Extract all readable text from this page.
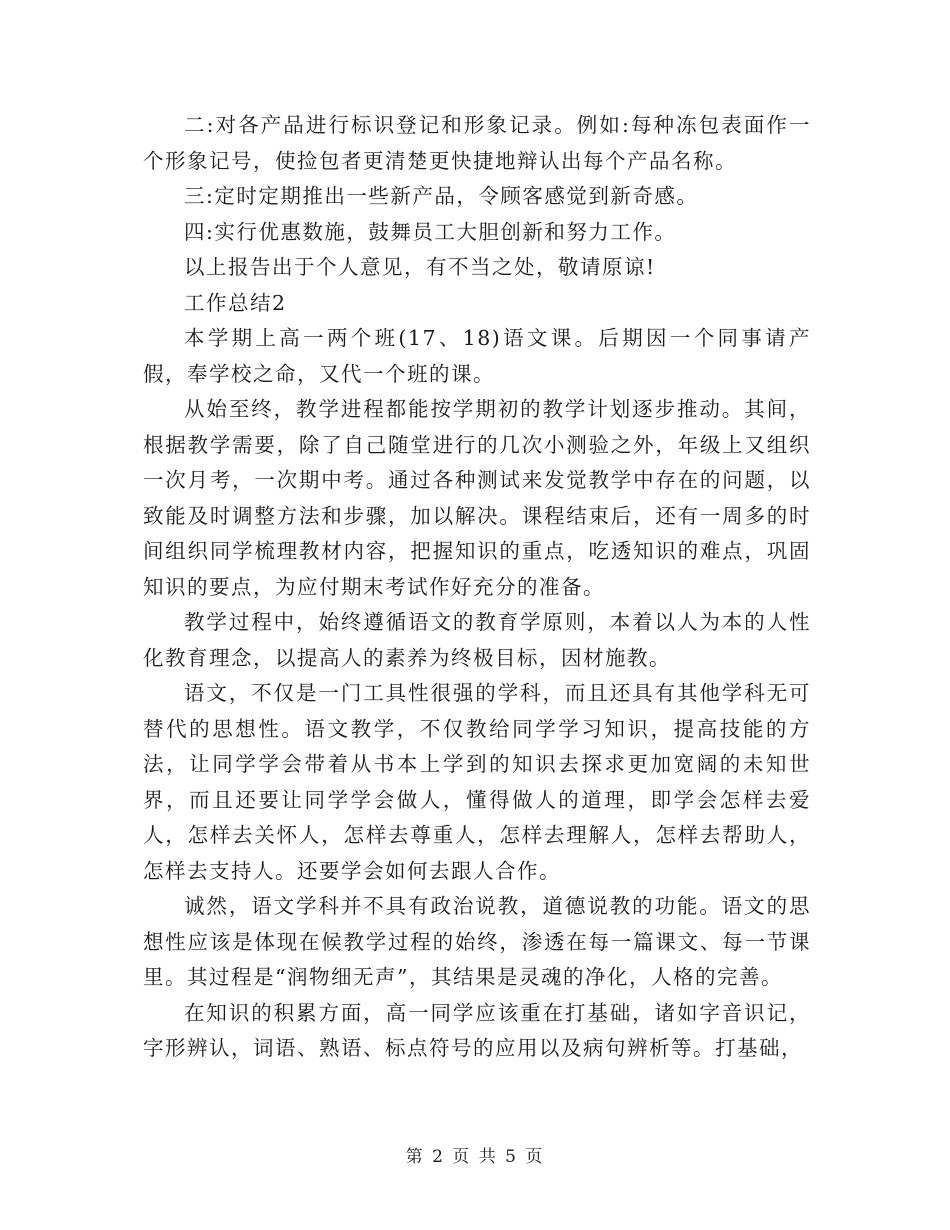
二:对各产品进行标识登记和形象记录。例如:每种冻包表面作一个形象记号，使捡包者更清楚更快捷地辩认出每个产品名称。

三:定时定期推出一些新产品，令顾客感觉到新奇感。

四:实行优惠数施，鼓舞员工大胆创新和努力工作。

以上报告出于个人意见，有不当之处，敬请原谅!

工作总结2

本学期上高一两个班(17、18)语文课。后期因一个同事请产假，奉学校之命，又代一个班的课。

从始至终，教学进程都能按学期初的教学计划逐步推动。其间，根据教学需要，除了自己随堂进行的几次小测验之外，年级上又组织一次月考，一次期中考。通过各种测试来发觉教学中存在的问题，以致能及时调整方法和步骤，加以解决。课程结束后，还有一周多的时间组织同学梳理教材内容，把握知识的重点，吃透知识的难点，巩固知识的要点，为应付期末考试作好充分的准备。

教学过程中，始终遵循语文的教育学原则，本着以人为本的人性化教育理念，以提高人的素养为终极目标，因材施教。

语文，不仅是一门工具性很强的学科，而且还具有其他学科无可替代的思想性。语文教学，不仅教给同学学习知识，提高技能的方法，让同学学会带着从书本上学到的知识去探求更加宽阔的未知世界，而且还要让同学学会做人，懂得做人的道理，即学会怎样去爱人，怎样去关怀人，怎样去尊重人，怎样去理解人，怎样去帮助人，怎样去支持人。还要学会如何去跟人合作。

诚然，语文学科并不具有政治说教，道德说教的功能。语文的思想性应该是体现在候教学过程的始终，渗透在每一篇课文、每一节课里。其过程是“润物细无声”，其结果是灵魂的净化，人格的完善。

在知识的积累方面，高一同学应该重在打基础，诸如字音识记，字形辨认，词语、熟语、标点符号的应用以及病句辨析等。打基础，

第 2 页 共 5 页
